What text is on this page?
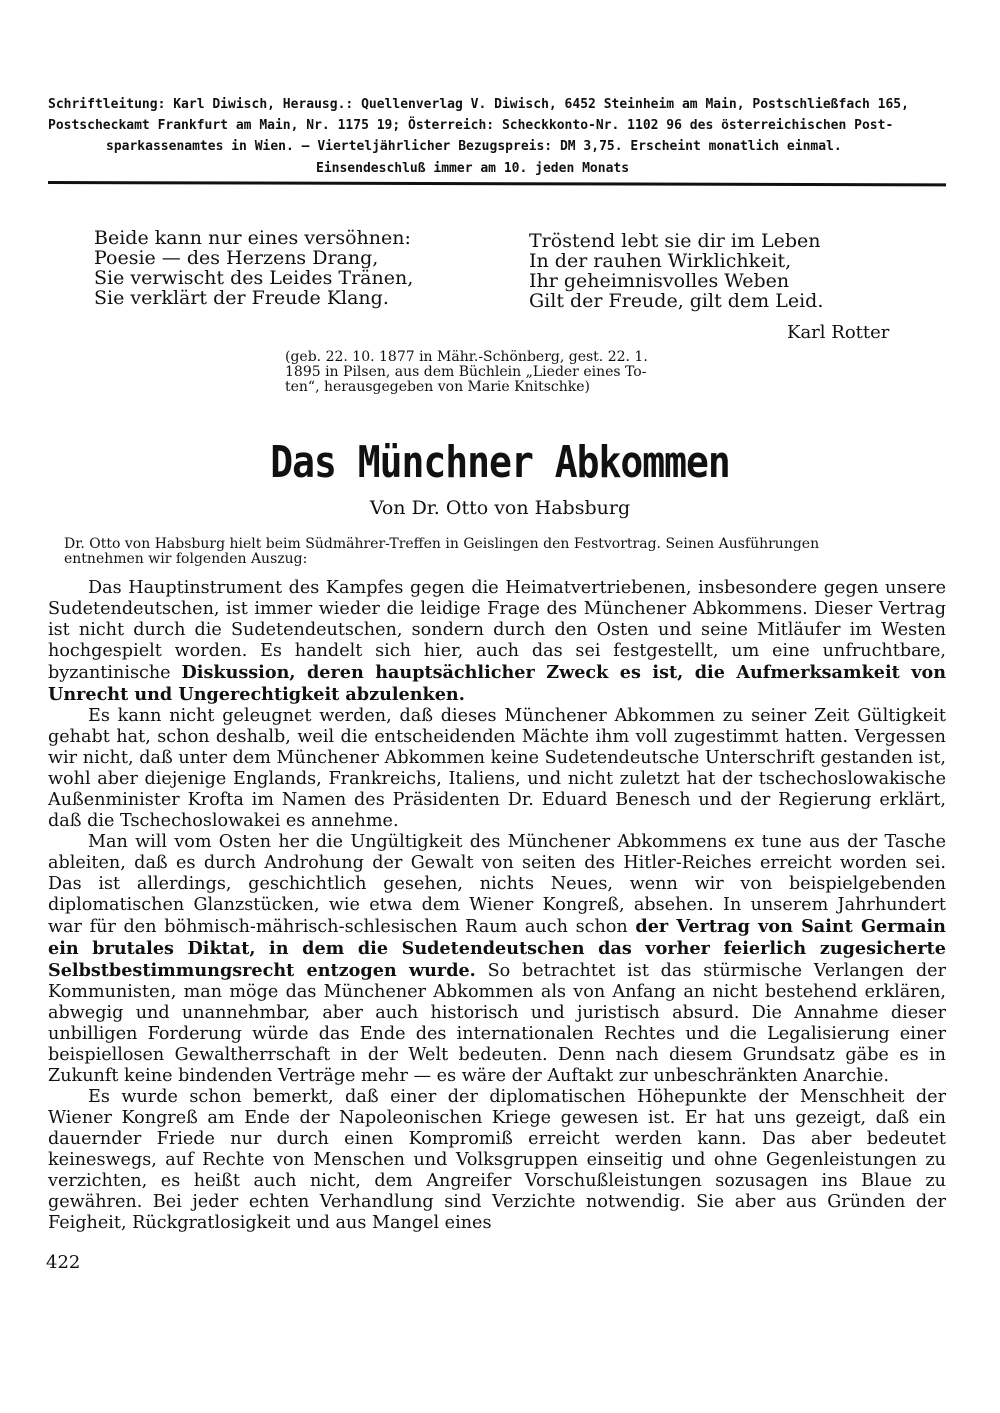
Schriftleitung: Karl Diwisch, Herausg.: Quellenverlag V. Diwisch, 6452 Steinheim am Main, Postschließfach 165,
Postscheckamt Frankfurt am Main, Nr. 1175 19; Österreich: Scheckkonto-Nr. 1102 96 des österreichischen Post-
sparkassenamtes in Wien. — Vierteljährlicher Bezugspreis: DM 3,75. Erscheint monatlich einmal.
Einsendeschluß immer am 10. jeden Monats
Beide kann nur eines versöhnen:
Poesie — des Herzens Drang,
Sie verwischt des Leides Tränen,
Sie verklärt der Freude Klang.
Tröstend lebt sie dir im Leben
In der rauhen Wirklichkeit,
Ihr geheimnisvolles Weben
Gilt der Freude, gilt dem Leid.
Karl Rotter
(geb. 22. 10. 1877 in Mähr.-Schönberg, gest. 22. 1.
1895 in Pilsen, aus dem Büchlein „Lieder eines To-
ten“, herausgegeben von Marie Knitschke)
Das Münchner Abkommen
Von Dr. Otto von Habsburg
Dr. Otto von Habsburg hielt beim Südmährer-Treffen in Geislingen den Festvortrag. Seinen Ausführungen
entnehmen wir folgenden Auszug:

Das Hauptinstrument des Kampfes gegen die Heimatvertriebenen, insbesondere gegen unsere Sudetendeutschen, ist immer wieder die leidige Frage des Münchener Abkommens. Dieser Vertrag ist nicht durch die Sudetendeutschen, sondern durch den Osten und seine Mitläufer im Westen hochgespielt worden. Es handelt sich hier, auch das sei festgestellt, um eine unfruchtbare, byzantinische Diskussion, deren hauptsächlicher Zweck es ist, die Aufmerksamkeit von Unrecht und Ungerechtigkeit abzulenken.

Es kann nicht geleugnet werden, daß dieses Münchener Abkommen zu seiner Zeit Gültigkeit gehabt hat, schon deshalb, weil die entscheidenden Mächte ihm voll zugestimmt hatten. Vergessen wir nicht, daß unter dem Münchener Abkommen keine Sudetendeutsche Unterschrift gestanden ist, wohl aber diejenige Englands, Frankreichs, Italiens, und nicht zuletzt hat der tschechoslowakische Außenminister Krofta im Namen des Präsidenten Dr. Eduard Benesch und der Regierung erklärt, daß die Tschechoslowakei es annehme.

Man will vom Osten her die Ungültigkeit des Münchener Abkommens ex tune aus der Tasche ableiten, daß es durch Androhung der Gewalt von seiten des Hitler-Reiches erreicht worden sei. Das ist allerdings, geschichtlich gesehen, nichts Neues, wenn wir von beispielgebenden diplomatischen Glanzstücken, wie etwa dem Wiener Kongreß, absehen. In unserem Jahrhundert war für den böhmisch-mährisch-schlesischen Raum auch schon der Vertrag von Saint Germain ein brutales Diktat, in dem die Sudetendeutschen das vorher feierlich zugesicherte Selbstbestimmungsrecht entzogen wurde. So betrachtet ist das stürmische Verlangen der Kommunisten, man möge das Münchener Abkommen als von Anfang an nicht bestehend erklären, abwegig und unannehmbar, aber auch historisch und juristisch absurd. Die Annahme dieser unbilligen Forderung würde das Ende des internationalen Rechtes und die Legalisierung einer beispiellosen Gewaltherrschaft in der Welt bedeuten. Denn nach diesem Grundsatz gäbe es in Zukunft keine bindenden Verträge mehr — es wäre der Auftakt zur unbeschränkten Anarchie.

Es wurde schon bemerkt, daß einer der diplomatischen Höhepunkte der Menschheit der Wiener Kongreß am Ende der Napoleonischen Kriege gewesen ist. Er hat uns gezeigt, daß ein dauernder Friede nur durch einen Kompromiß erreicht werden kann. Das aber bedeutet keineswegs, auf Rechte von Menschen und Volksgruppen einseitig und ohne Gegenleistungen zu verzichten, es heißt auch nicht, dem Angreifer Vorschußleistungen sozusagen ins Blaue zu gewähren. Bei jeder echten Verhandlung sind Verzichte notwendig. Sie aber aus Gründen der Feigheit, Rückgratlosigkeit und aus Mangel eines

422
